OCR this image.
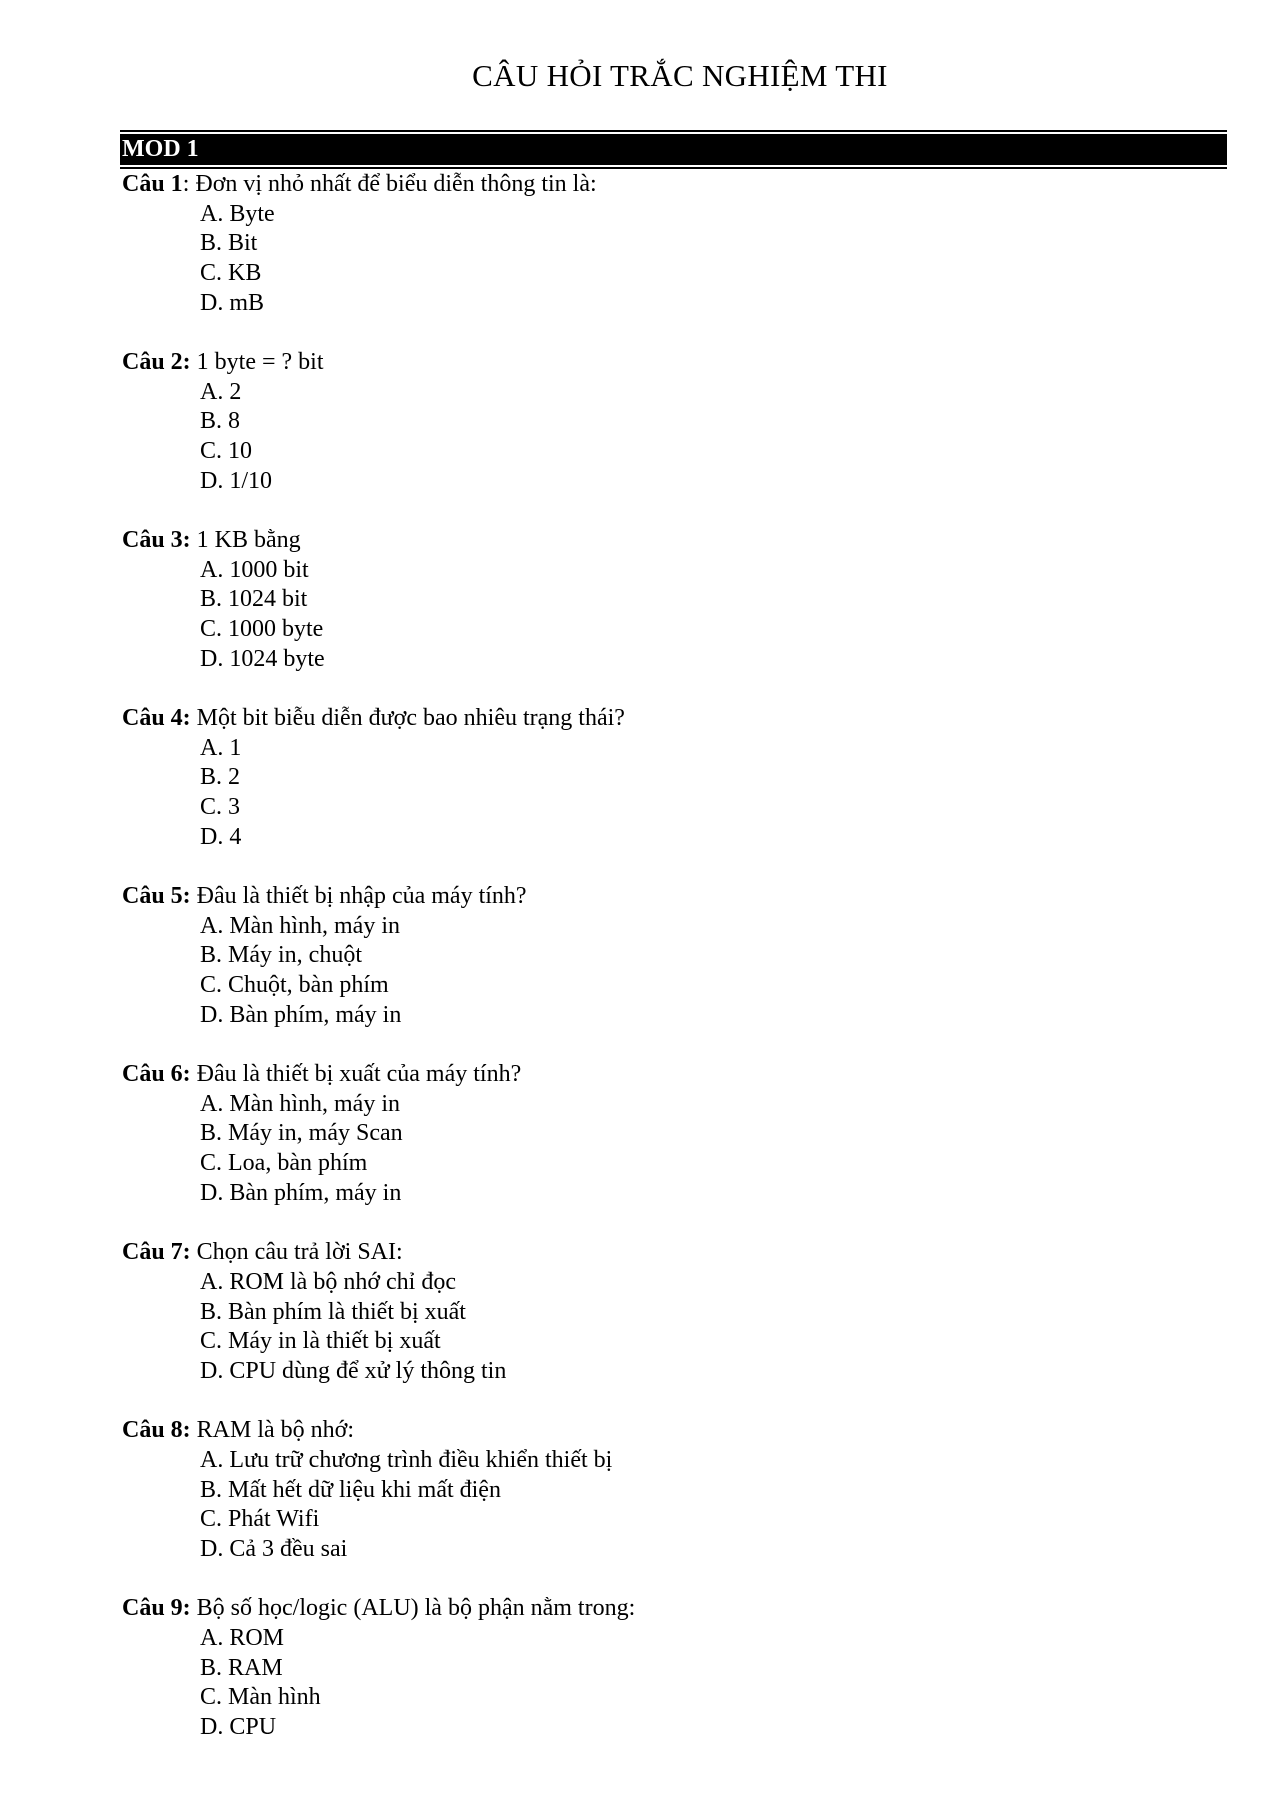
CÂU HỎI TRẮC NGHIỆM THI
MOD 1
Câu 1: Đơn vị nhỏ nhất để biểu diễn thông tin là:
A. Byte
B. Bit
C. KB
D. mB
Câu 2: 1 byte = ? bit
A. 2
B. 8
C. 10
D. 1/10
Câu 3: 1 KB bằng
A. 1000 bit
B. 1024 bit
C. 1000 byte
D. 1024 byte
Câu 4: Một bit biễu diễn được bao nhiêu trạng thái?
A. 1
B. 2
C. 3
D. 4
Câu 5: Đâu là thiết bị nhập của máy tính?
A. Màn hình, máy in
B. Máy in, chuột
C. Chuột, bàn phím
D. Bàn phím, máy in
Câu 6: Đâu là thiết bị xuất của máy tính?
A. Màn hình, máy in
B. Máy in, máy Scan
C. Loa, bàn phím
D. Bàn phím, máy in
Câu 7: Chọn câu trả lời SAI:
A. ROM là bộ nhớ chỉ đọc
B. Bàn phím là thiết bị xuất
C. Máy in là thiết bị xuất
D. CPU dùng để xử lý thông tin
Câu 8: RAM là bộ nhớ:
A. Lưu trữ chương trình điều khiển thiết bị
B. Mất hết dữ liệu khi mất điện
C. Phát Wifi
D. Cả 3 đều sai
Câu 9: Bộ số học/logic (ALU) là bộ phận nằm trong:
A. ROM
B. RAM
C. Màn hình
D. CPU
